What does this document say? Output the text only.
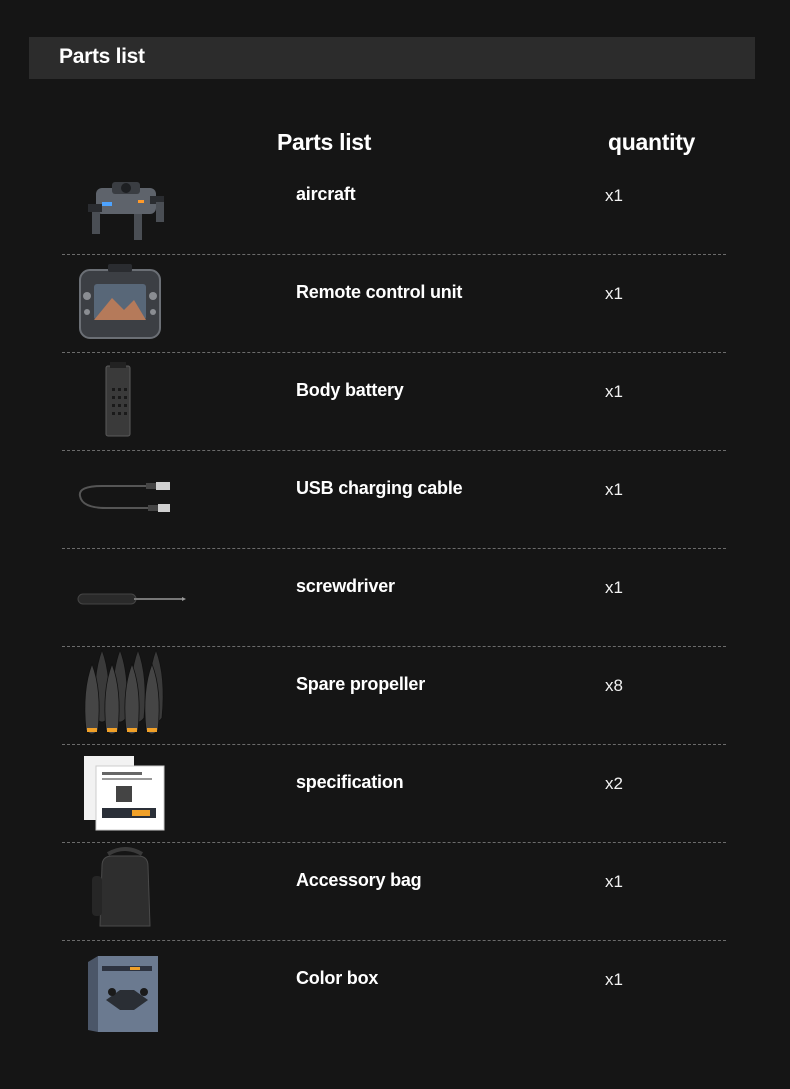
Parts list
Parts list	quantity
aircraft	x1
Remote control unit	x1
Body battery	x1
USB charging cable	x1
screwdriver	x1
Spare propeller	x8
specification	x2
Accessory bag	x1
Color box	x1
